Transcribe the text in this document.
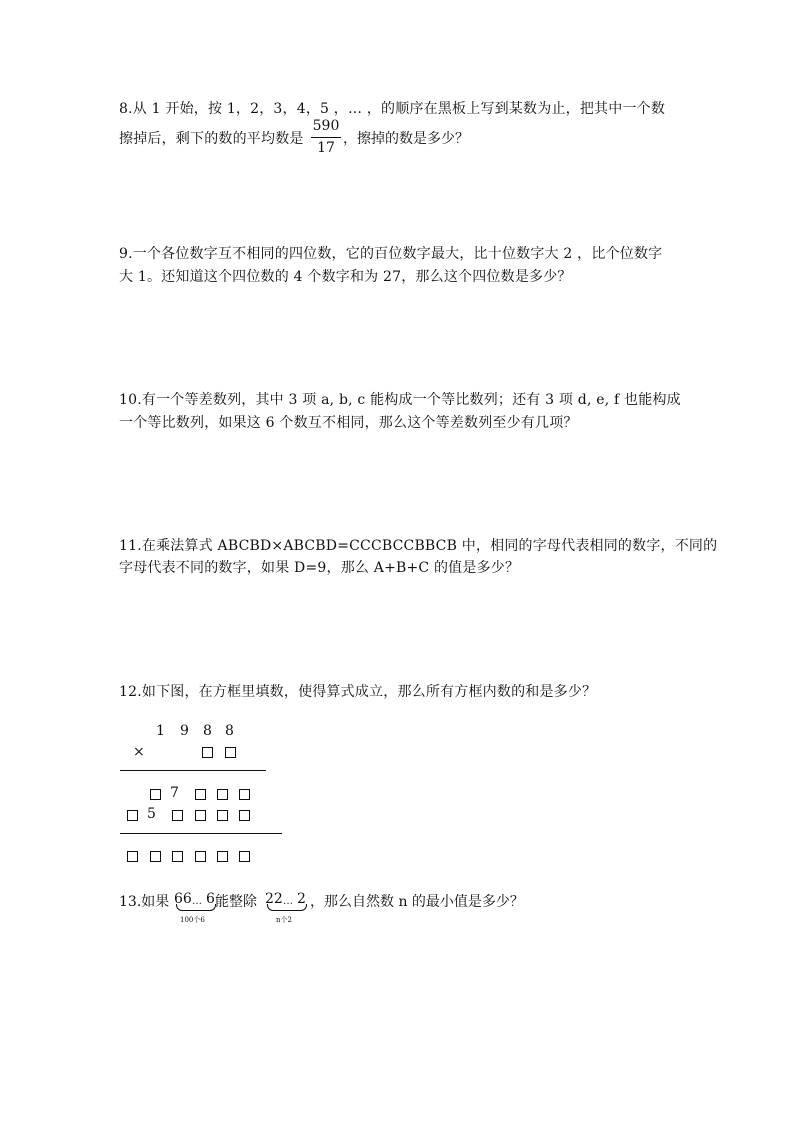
8.从 1 开始，按 1，2，3，4，5 ，… ，的顺序在黑板上写到某数为止，把其中一个数
擦掉后，剩下的数的平均数是
590
17
，擦掉的数是多少？
9.一个各位数字互不相同的四位数，它的百位数字最大，比十位数字大 2 ，比个位数字
大 1。还知道这个四位数的 4 个数字和为 27，那么这个四位数是多少？
10.有一个等差数列，其中 3 项 a, b, c 能构成一个等比数列；还有 3 项 d, e, f 也能构成
一个等比数列，如果这 6 个数互不相同，那么这个等差数列至少有几项？
11.在乘法算式 ABCBD×ABCBD=CCCBCCBBCB 中，相同的字母代表相同的数字，不同的
字母代表不同的数字，如果 D=9，那么 A+B+C 的值是多少？
12.如下图，在方框里填数，使得算式成立，那么所有方框内数的和是多少？
1 9 8 8
×
7
5
13.如果 66 … 6
100个6
能整除 22 … 2
n个2
，那么自然数 n 的最小值是多少？
